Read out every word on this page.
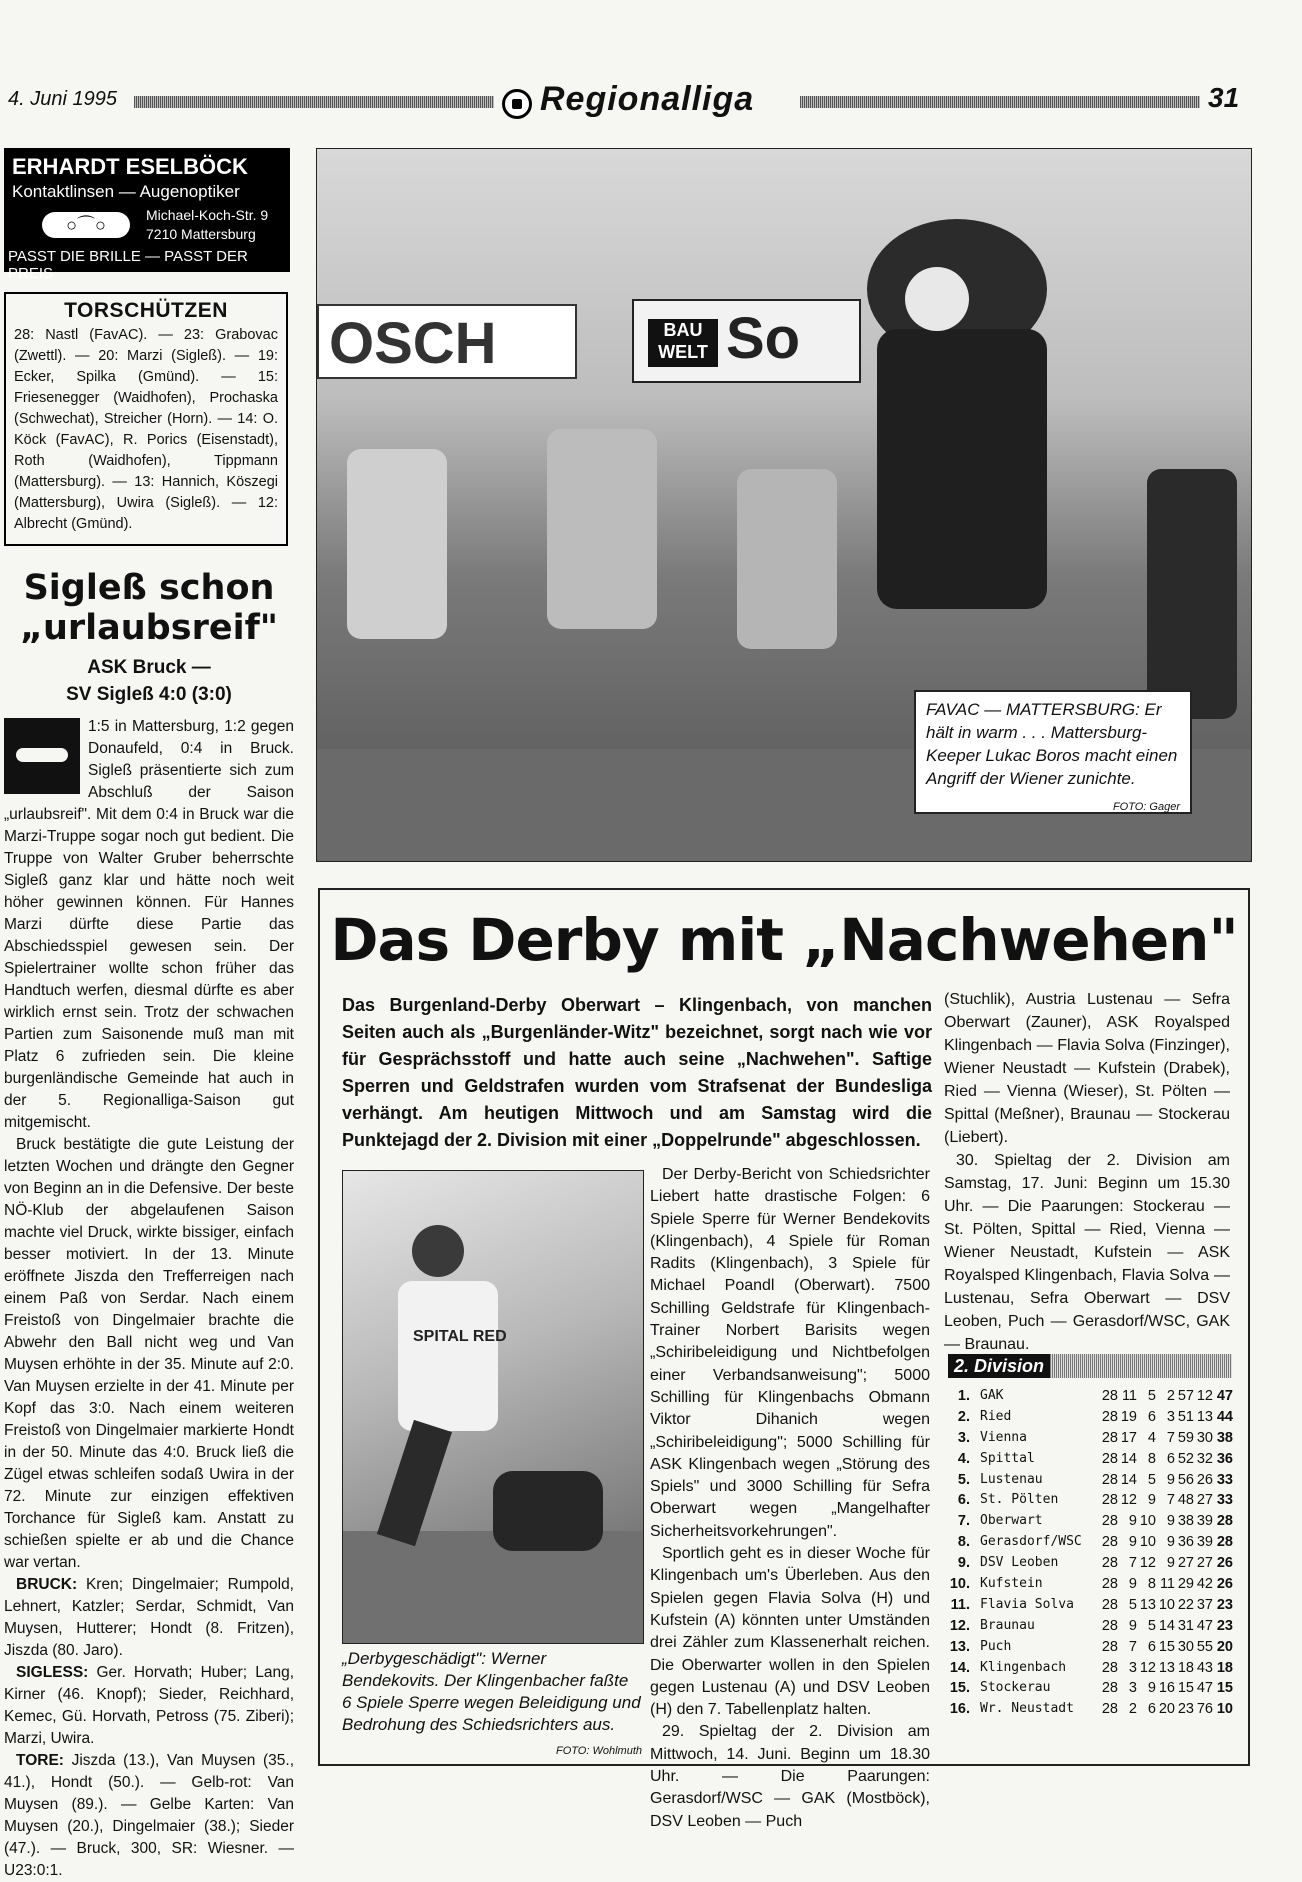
4. Juni 1995	Regionalliga	31
ERHARDT ESELBÖCK
Kontaktlinsen — Augenoptiker
○⌒○	Michael-Koch-Str. 9
7210 Mattersburg
PASST DIE BRILLE — PASST DER PREIS
TORSCHÜTZEN
28: Nastl (FavAC). — 23: Grabovac (Zwettl). — 20: Marzi (Sigleß). — 19: Ecker, Spilka (Gmünd). — 15: Friesenegger (Waidhofen), Prochaska (Schwechat), Streicher (Horn). — 14: O. Köck (FavAC), R. Porics (Eisenstadt), Roth (Waidhofen), Tippmann (Mattersburg). — 13: Hannich, Köszegi (Mattersburg), Uwira (Sigleß). — 12: Albrecht (Gmünd).
Sigleß schon
„urlaubsreif"
ASK Bruck —
SV Sigleß 4:0 (3:0)

1:5 in Mattersburg, 1:2 gegen Donaufeld, 0:4 in Bruck. Sigleß präsentierte sich zum Abschluß der Saison „urlaubsreif". Mit dem 0:4 in Bruck war die Marzi-Truppe sogar noch gut bedient. Die Truppe von Walter Gruber beherrschte Sigleß ganz klar und hätte noch weit höher gewinnen können. Für Hannes Marzi dürfte diese Partie das Abschiedsspiel gewesen sein. Der Spielertrainer wollte schon früher das Handtuch werfen, diesmal dürfte es aber wirklich ernst sein. Trotz der schwachen Partien zum Saisonende muß man mit Platz 6 zufrieden sein. Die kleine burgenländische Gemeinde hat auch in der 5. Regionalliga-Saison gut mitgemischt.

Bruck bestätigte die gute Leistung der letzten Wochen und drängte den Gegner von Beginn an in die Defensive. Der beste NÖ-Klub der abgelaufenen Saison machte viel Druck, wirkte bissiger, einfach besser motiviert. In der 13. Minute eröffnete Jiszda den Trefferreigen nach einem Paß von Serdar. Nach einem Freistoß von Dingelmaier brachte die Abwehr den Ball nicht weg und Van Muysen erhöhte in der 35. Minute auf 2:0. Van Muysen erzielte in der 41. Minute per Kopf das 3:0. Nach einem weiteren Freistoß von Dingelmaier markierte Hondt in der 50. Minute das 4:0. Bruck ließ die Zügel etwas schleifen sodaß Uwira in der 72. Minute zur einzigen effektiven Torchance für Sigleß kam. Anstatt zu schießen spielte er ab und die Chance war vertan.

BRUCK: Kren; Dingelmaier; Rumpold, Lehnert, Katzler; Serdar, Schmidt, Van Muysen, Hutterer; Hondt (8. Fritzen), Jiszda (80. Jaro).

SIGLESS: Ger. Horvath; Huber; Lang, Kirner (46. Knopf); Sieder, Reichhard, Kemec, Gü. Horvath, Petross (75. Ziberi); Marzi, Uwira.

TORE: Jiszda (13.), Van Muysen (35., 41.), Hondt (50.). — Gelb-rot: Van Muysen (89.). — Gelbe Karten: Van Muysen (20.), Dingelmaier (38.); Sieder (47.). — Bruck, 300, SR: Wiesner. — U23:0:1.

OSCH	BAU WELT So
FAVAC — MATTERSBURG: Er hält in warm . . . Mattersburg-Keeper Lukac Boros macht einen Angriff der Wiener zunichte.
FOTO: Gager
Das Derby mit „Nachwehen"
Das Burgenland-Derby Oberwart – Klingenbach, von manchen Seiten auch als „Burgenländer-Witz" bezeichnet, sorgt nach wie vor für Gesprächsstoff und hatte auch seine „Nachwehen". Saftige Sperren und Geldstrafen wurden vom Strafsenat der Bundesliga verhängt. Am heutigen Mittwoch und am Samstag wird die Punktejagd der 2. Division mit einer „Doppelrunde" abgeschlossen.

(Stuchlik), Austria Lustenau — Sefra Oberwart (Zauner), ASK Royalsped Klingenbach — Flavia Solva (Finzinger), Wiener Neustadt — Kufstein (Drabek), Ried — Vienna (Wieser), St. Pölten — Spittal (Meßner), Braunau — Stockerau (Liebert).

30. Spieltag der 2. Division am Samstag, 17. Juni: Beginn um 15.30 Uhr. — Die Paarungen: Stockerau — St. Pölten, Spittal — Ried, Vienna — Wiener Neustadt, Kufstein — ASK Royalsped Klingenbach, Flavia Solva — Lustenau, Sefra Oberwart — DSV Leoben, Puch — Gerasdorf/WSC, GAK — Braunau.

SPITAL RED
„Derbygeschädigt": Werner Bendekovits. Der Klingenbacher faßte 6 Spiele Sperre wegen Beleidigung und Bedrohung des Schiedsrichters aus.
FOTO: Wohlmuth

Der Derby-Bericht von Schiedsrichter Liebert hatte drastische Folgen: 6 Spiele Sperre für Werner Bendekovits (Klingenbach), 4 Spiele für Roman Radits (Klingenbach), 3 Spiele für Michael Poandl (Oberwart). 7500 Schilling Geldstrafe für Klingenbach-Trainer Norbert Barisits wegen „Schiribeleidigung und Nichtbefolgen einer Verbandsanweisung"; 5000 Schilling für Klingenbachs Obmann Viktor Dihanich wegen „Schiribeleidigung"; 5000 Schilling für ASK Klingenbach wegen „Störung des Spiels" und 3000 Schilling für Sefra Oberwart wegen „Mangelhafter Sicherheitsvorkehrungen".

Sportlich geht es in dieser Woche für Klingenbach um's Überleben. Aus den Spielen gegen Flavia Solva (H) und Kufstein (A) könnten unter Umständen drei Zähler zum Klassenerhalt reichen. Die Oberwarter wollen in den Spielen gegen Lustenau (A) und DSV Leoben (H) den 7. Tabellenplatz halten.

29. Spieltag der 2. Division am Mittwoch, 14. Juni. Beginn um 18.30 Uhr. — Die Paarungen: Gerasdorf/WSC — GAK (Mostböck), DSV Leoben — Puch

2. Division
1. GAK	28 11 5 2 57 12 47
2. Ried	28 19 6 3 51 13 44
3. Vienna	28 17 4 7 59 30 38
4. Spittal	28 14 8 6 52 32 36
5. Lustenau	28 14 5 9 56 26 33
6. St. Pölten	28 12 9 7 48 27 33
7. Oberwart	28 9 10 9 38 39 28
8. Gerasdorf/WSC	28 9 10 9 36 39 28
9. DSV Leoben	28 7 12 9 27 27 26
10. Kufstein	28 9 8 11 29 42 26
11. Flavia Solva	28 5 13 10 22 37 23
12. Braunau	28 9 5 14 31 47 23
13. Puch	28 7 6 15 30 55 20
14. Klingenbach	28 3 12 13 18 43 18
15. Stockerau	28 3 9 16 15 47 15
16. Wr. Neustadt	28 2 6 20 23 76 10
